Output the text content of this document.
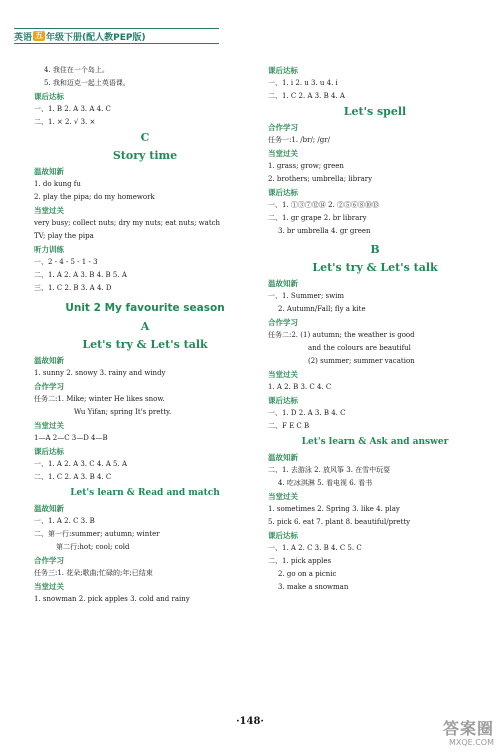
英语 五 年级下册(配人教PEP版)
4. 我住在一个岛上。
5. 我和迈克一起上英语课。
课后达标
一、1. B 2. A 3. A 4. C
二、1. × 2. √ 3. ×
C
Story time
温故知新
1. do kung fu
2. play the pipa; do my homework
当堂过关
very busy; collect nuts; dry my nuts; eat nuts; watch
TV; play the pipa
听力训练
一、2 - 4 - 5 - 1 - 3
二、1. A 2. A 3. B 4. B 5. A
三、1. C 2. B 3. A 4. D
Unit 2 My favourite season
A
Let's try & Let's talk
温故知新
1. sunny 2. snowy 3. rainy and windy
合作学习
任务二:1. Mike; winter He likes snow.
Wu Yifan; spring It's pretty.
当堂过关
1—A 2—C 3—D 4—B
课后达标
一、1. A 2. A 3. C 4. A 5. A
二、1. C 2. A 3. B 4. C
Let's learn & Read and match
温故知新
一、1. A 2. C 3. B
二、第一行:summer; autumn; winter
第二行:hot; cool; cold
合作学习
任务三:1. 花朵;歌曲;忙碌的;年;已结束
当堂过关
1. snowman 2. pick apples 3. cold and rainy
课后达标
一、1. i 2. u 3. u 4. i
二、1. C 2. A 3. B 4. A
Let's spell
合作学习
任务一:1. /br/; /gr/
当堂过关
1. grass; grow; green
2. brothers; umbrella; library
课后达标
一、1. ①③⑦⑫⑭ 2. ②⑤⑥⑧⑩⑬
二、1. gr grape 2. br library
3. br umbrella 4. gr green
B
Let's try & Let's talk
温故知新
一、1. Summer; swim
2. Autumn/Fall; fly a kite
合作学习
任务二:2. (1) autumn; the weather is good
and the colours are beautiful
(2) summer; summer vacation
当堂过关
1. A 2. B 3. C 4. C
课后达标
一、1. D 2. A 3. B 4. C
二、F E C B
Let's learn & Ask and answer
温故知新
二、1. 去游泳 2. 放风筝 3. 在雪中玩耍
4. 吃冰淇淋 5. 看电视 6. 看书
当堂过关
1. sometimes 2. Spring 3. like 4. play
5. pick 6. eat 7. plant 8. beautiful/pretty
课后达标
一、1. A 2. C 3. B 4. C 5. C
二、1. pick apples
2. go on a picnic
3. make a snowman
·148·	答案圈
MXQE.COM
